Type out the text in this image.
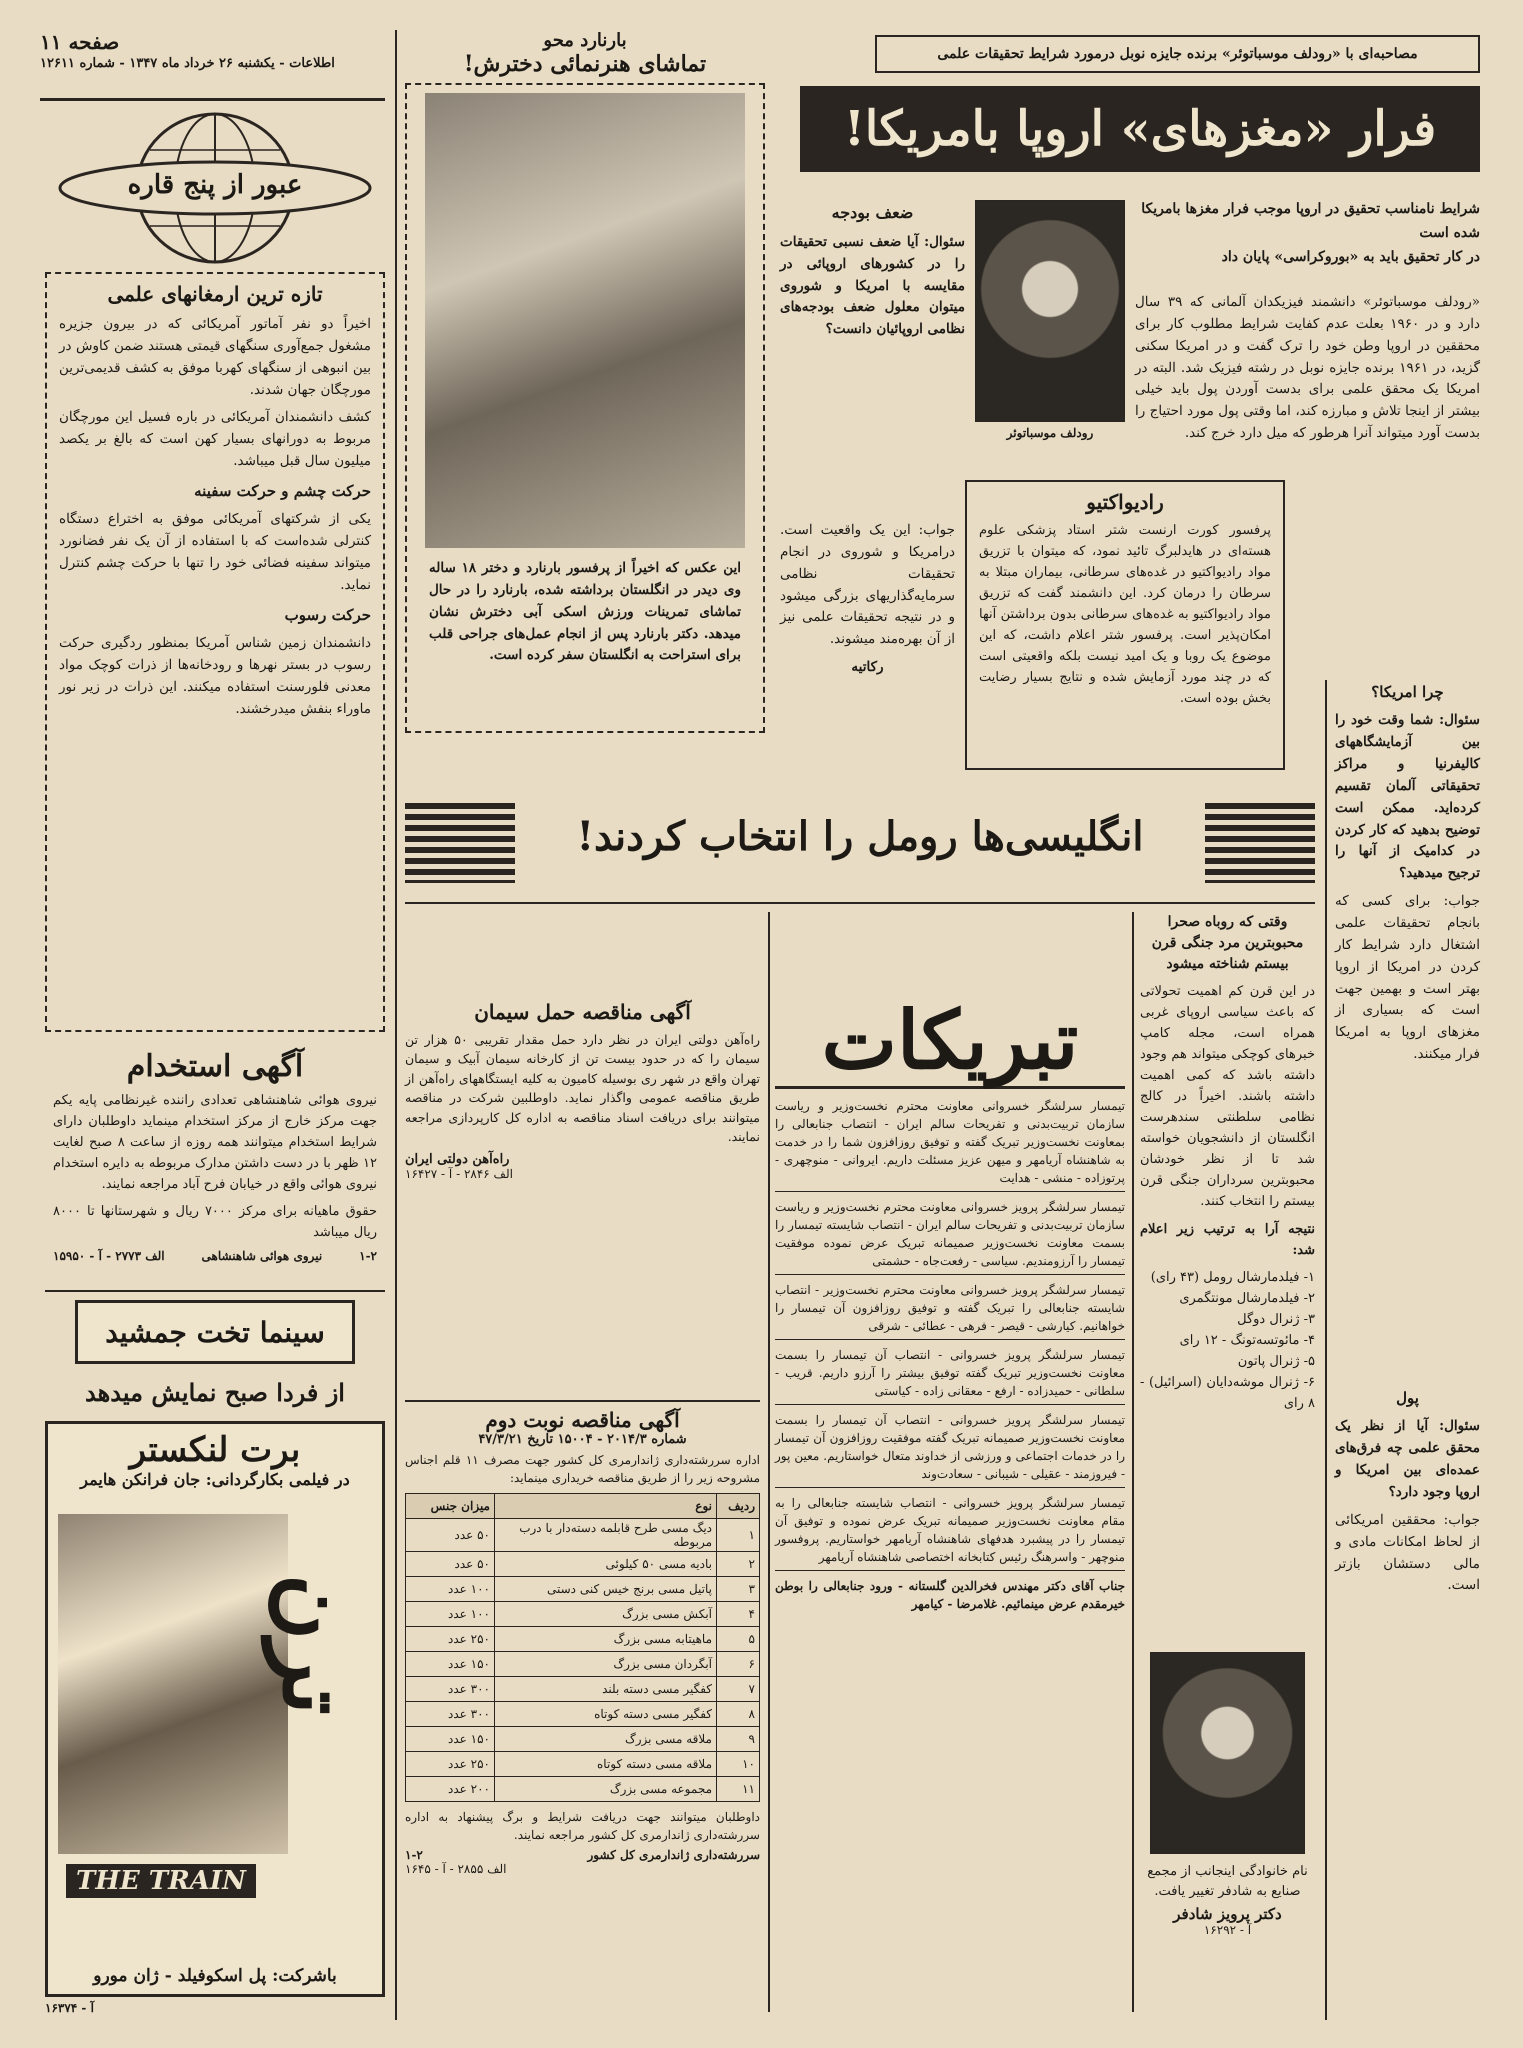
صفحه ۱۱
اطلاعات - یکشنبه ۲۶ خرداد ماه ۱۳۴۷ - شماره ۱۲۶۱۱
عبور از پنج قاره
تازه ترین ارمغانهای علمی

اخیراً دو نفر آماتور آمریکائی که در بیرون جزیره مشغول جمع‌آوری سنگهای قیمتی هستند ضمن کاوش در بین انبوهی از سنگهای کهربا موفق به کشف قدیمی‌ترین مورچگان جهان شدند.

کشف دانشمندان آمریکائی در باره فسیل این مورچگان مربوط به دورانهای بسیار کهن است که بالغ بر یکصد میلیون سال قبل میباشد.

حرکت چشم و حرکت سفینه

یکی از شرکتهای آمریکائی موفق به اختراع دستگاه کنترلی شده‌است که با استفاده از آن یک نفر فضانورد میتواند سفینه فضائی خود را تنها با حرکت چشم کنترل نماید.

حرکت رسوب

دانشمندان زمین شناس آمریکا بمنظور ردگیری حرکت رسوب در بستر نهرها و رودخانه‌ها از ذرات کوچک مواد معدنی فلورسنت استفاده میکنند. این ذرات در زیر نور ماوراء بنفش میدرخشند.

آگهی استخدام

نیروی هوائی شاهنشاهی تعدادی راننده غیرنظامی پایه یکم جهت مرکز خارج از مرکز استخدام مینماید داوطلبان دارای شرایط استخدام میتوانند همه روزه از ساعت ۸ صبح لغایت ۱۲ ظهر با در دست داشتن مدارک مربوطه به دایره استخدام نیروی هوائی واقع در خیابان فرح آباد مراجعه نمایند.

حقوق ماهیانه برای مرکز ۷۰۰۰ ریال و شهرستانها تا ۸۰۰۰ ریال میباشد

۱-۲
نیروی هوائی شاهنشاهی
الف ۲۷۷۳ - آ - ۱۵۹۵۰
سینما تخت جمشید
از فردا صبح نمایش میدهد
برت لنکستر
در فیلمی بکارگردانی: جان فرانکن هایمر
ترن
THE TRAIN
باشرکت: پل اسکوفیلد - ژان مورو
آ - ۱۶۳۷۴
بارنارد محو
تماشای هنرنمائی دخترش!

این عکس که اخیراً از پرفسور بارنارد و دختر ۱۸ ساله وی دیدر در انگلستان برداشته شده، بارنارد را در حال تماشای تمرینات ورزش اسکی آبی دخترش نشان میدهد. دکتر بارنارد پس از انجام عمل‌های جراحی قلب برای استراحت به انگلستان سفر کرده است.

مصاحبه‌ای با «رودلف موسباتوئر» برنده جایزه نوبل درمورد شرایط تحقیقات علمی
فرار «مغزهای» اروپا بامریکا!
شرایط نامناسب تحقیق در اروپا موجب فرار مغزها بامریکا شده است
در کار تحقیق باید به «بوروکراسی» پایان داد
رودلف موسباتوئر

«رودلف موسباتوئر» دانشمند فیزیکدان آلمانی که ۳۹ سال دارد و در ۱۹۶۰ بعلت عدم کفایت شرایط مطلوب کار برای محققین در اروپا وطن خود را ترک گفت و در امریکا سکنی گزید، در ۱۹۶۱ برنده جایزه نوبل در رشته فیزیک شد. البته در امریکا یک محقق علمی برای بدست آوردن پول باید خیلی بیشتر از اینجا تلاش و مبارزه کند، اما وقتی پول مورد احتیاج را بدست آورد میتواند آنرا هرطور که میل دارد خرج کند.

ضعف بودجه

سئوال: آیا ضعف نسبی تحقیقات را در کشورهای اروپائی در مقایسه با امریکا و شوروی میتوان معلول ضعف بودجه‌های نظامی اروپائیان دانست؟

رادیواکتیو

پرفسور کورت ارنست شتر استاد پزشکی علوم هسته‌ای در هایدلبرگ تائید نمود، که میتوان با تزریق مواد رادیواکتیو در غده‌های سرطانی، بیماران مبتلا به سرطان را درمان کرد. این دانشمند گفت که تزریق مواد رادیواکتیو به غده‌های سرطانی بدون برداشتن آنها امکان‌پذیر است. پرفسور شتر اعلام داشت، که این موضوع یک روبا و یک امید نیست بلکه واقعیتی است که در چند مورد آزمایش شده و نتایج بسیار رضایت بخش بوده است.

جواب: این یک واقعیت است. درامریکا و شوروی در انجام تحقیقات نظامی سرمایه‌گذاریهای بزرگی میشود و در نتیجه تحقیقات علمی نیز از آن بهره‌مند میشوند.

رکاتیه

چرا امریکا؟

سئوال: شما وقت خود را بین آزمایشگاههای کالیفرنیا و مراکز تحقیقاتی آلمان تقسیم کرده‌اید. ممکن است توضیح بدهید که کار کردن در کدامیک از آنها را ترجیح میدهید؟

جواب: برای کسی که بانجام تحقیقات علمی اشتغال دارد شرایط کار کردن در امریکا از اروپا بهتر است و بهمین جهت است که بسیاری از مغزهای اروپا به امریکا فرار میکنند.

پول

سئوال: آیا از نظر یک محقق علمی چه فرق‌های عمده‌ای بین امریکا و اروپا وجود دارد؟

جواب: محققین امریکائی از لحاظ امکانات مادی و مالی دستشان بازتر است.

انگلیسی‌ها رومل را انتخاب کردند!
وقتی که روباه صحرا محبوبترین مرد جنگی قرن بیستم شناخته میشود

در این قرن کم اهمیت تحولاتی که باعث سیاسی اروپای غربی همراه است، مجله کامپ خبرهای کوچکی میتواند هم وجود داشته باشد که کمی اهمیت داشته باشند. اخیراً در کالج نظامی سلطنتی سندهرست انگلستان از دانشجویان خواسته شد تا از نظر خودشان محبوبترین سرداران جنگی قرن بیستم را انتخاب کنند.

نتیجه آرا به ترتیب زیر اعلام شد:

۱- فیلدمارشال رومل (۴۳ رای)

۲- فیلدمارشال مونتگمری

۳- ژنرال دوگل

۴- مائوتسه‌تونگ - ۱۲ رای

۵- ژنرال پاتون

۶- ژنرال موشه‌دایان (اسرائیل) - ۸ رای

نام خانوادگی اینجانب از مجمع صنایع به شادفر تغییر یافت.
دکتر پرویز شادفر
آ - ۱۶۲۹۲
تبریکات

تیمسار سرلشگر خسروانی معاونت محترم نخست‌وزیر و ریاست سازمان تربیت‌بدنی و تفریحات سالم ایران - انتصاب جنابعالی را بمعاونت نخست‌وزیر تبریک گفته و توفیق روزافزون شما را در خدمت به شاهنشاه آریامهر و میهن عزیز مسئلت داریم. ایروانی - منوچهری - پرتوزاده - منشی - هدایت

تیمسار سرلشگر پرویز خسروانی معاونت محترم نخست‌وزیر و ریاست سازمان تربیت‌بدنی و تفریحات سالم ایران - انتصاب شایسته تیمسار را بسمت معاونت نخست‌وزیر صمیمانه تبریک عرض نموده موفقیت تیمسار را آرزومندیم. سیاسی - رفعت‌جاه - حشمتی

تیمسار سرلشگر پرویز خسروانی معاونت محترم نخست‌وزیر - انتصاب شایسته جنابعالی را تبریک گفته و توفیق روزافزون آن تیمسار را خواهانیم. کیارشی - قیصر - فرهی - عطائی - شرقی

تیمسار سرلشگر پرویز خسروانی - انتصاب آن تیمسار را بسمت معاونت نخست‌وزیر تبریک گفته توفیق بیشتر را آرزو داریم. قریب - سلطانی - حمیدزاده - ارفع - معقانی زاده - کیاستی

تیمسار سرلشگر پرویز خسروانی - انتصاب آن تیمسار را بسمت معاونت نخست‌وزیر صمیمانه تبریک گفته موفقیت روزافزون آن تیمسار را در خدمات اجتماعی و ورزشی از خداوند متعال خواستاریم. معین پور - فیروزمند - عقیلی - شیبانی - سعادت‌وند

تیمسار سرلشگر پرویز خسروانی - انتصاب شایسته جنابعالی را به مقام معاونت نخست‌وزیر صمیمانه تبریک عرض نموده و توفیق آن تیمسار را در پیشبرد هدفهای شاهنشاه آریامهر خواستاریم. پروفسور منوچهر - واسرهنگ رئیس کتابخانه اختصاصی شاهنشاه آریامهر

جناب آقای دکتر مهندس فخرالدین گلستانه - ورود جنابعالی را بوطن خیرمقدم عرض مینمائیم. غلامرضا - کیامهر

آگهی مناقصه حمل سیمان

راه‌آهن دولتی ایران در نظر دارد حمل مقدار تقریبی ۵۰ هزار تن سیمان را که در حدود بیست تن از کارخانه سیمان آبیک و سیمان تهران واقع در شهر ری بوسیله کامیون به کلیه ایستگاههای راه‌آهن از طریق مناقصه عمومی واگذار نماید. داوطلبین شرکت در مناقصه میتوانند برای دریافت اسناد مناقصه به اداره کل کارپردازی مراجعه نمایند.

راه‌آهن دولتی ایران
الف ۲۸۴۶ - آ - ۱۶۴۲۷
آگهی مناقصه نوبت دوم
شماره ۲۰۱۴/۳ - ۱۵۰۰۴ تاریخ ۴۷/۳/۲۱
اداره سررشته‌داری ژاندارمری کل کشور جهت مصرف ۱۱ قلم اجناس مشروحه زیر را از طریق مناقصه خریداری مینماید:
ردیف	نوع	میزان جنس
۱	دیگ مسی طرح قابلمه دسته‌دار با درب مربوطه	۵۰ عدد
۲	بادیه مسی ۵۰ کیلوئی	۵۰ عدد
۳	پاتیل مسی برنج خیس کنی دستی	۱۰۰ عدد
۴	آبکش مسی بزرگ	۱۰۰ عدد
۵	ماهیتابه مسی بزرگ	۲۵۰ عدد
۶	آبگردان مسی بزرگ	۱۵۰ عدد
۷	کفگیر مسی دسته بلند	۳۰۰ عدد
۸	کفگیر مسی دسته کوتاه	۳۰۰ عدد
۹	ملاقه مسی بزرگ	۱۵۰ عدد
۱۰	ملاقه مسی دسته کوتاه	۲۵۰ عدد
۱۱	مجموعه مسی بزرگ	۲۰۰ عدد
داوطلبان میتوانند جهت دریافت شرایط و برگ پیشنهاد به اداره سررشته‌داری ژاندارمری کل کشور مراجعه نمایند.
سررشته‌داری ژاندارمری کل کشور
۱-۲
الف ۲۸۵۵ - آ - ۱۶۴۵
